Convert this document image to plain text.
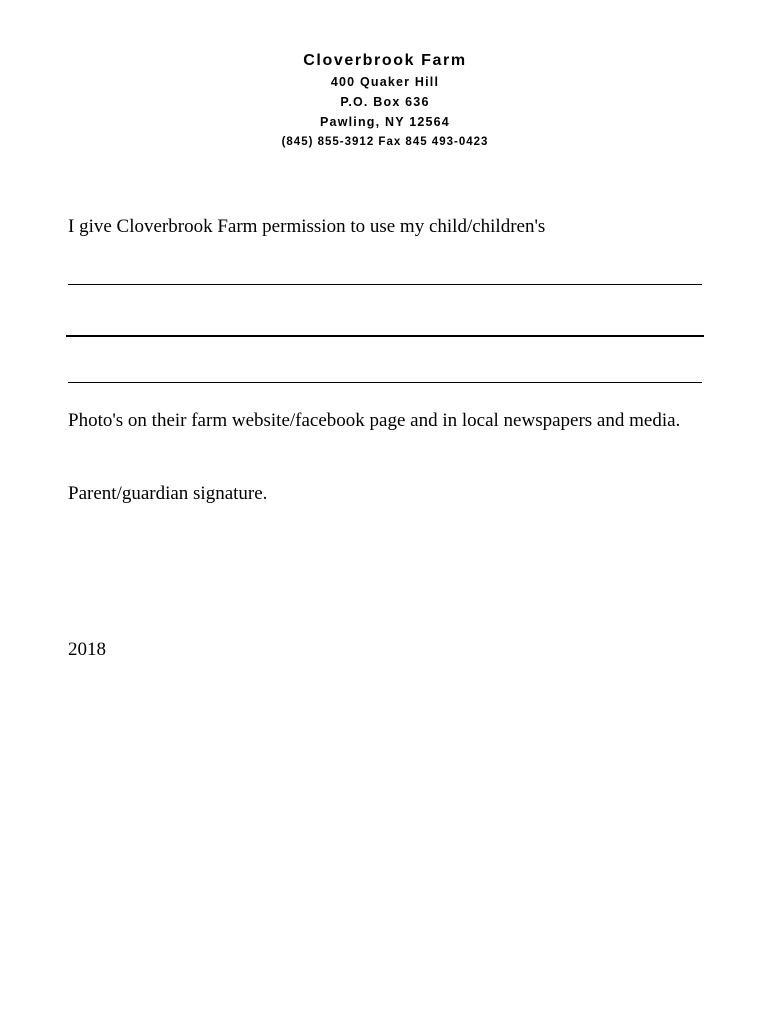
Cloverbrook Farm
400 Quaker Hill
P.O. Box 636
Pawling, NY 12564
(845) 855-3912 Fax 845 493-0423
I give Cloverbrook Farm permission to use my child/children's
Photo's on their farm website/facebook page and in local newspapers and media.
Parent/guardian signature.
2018
